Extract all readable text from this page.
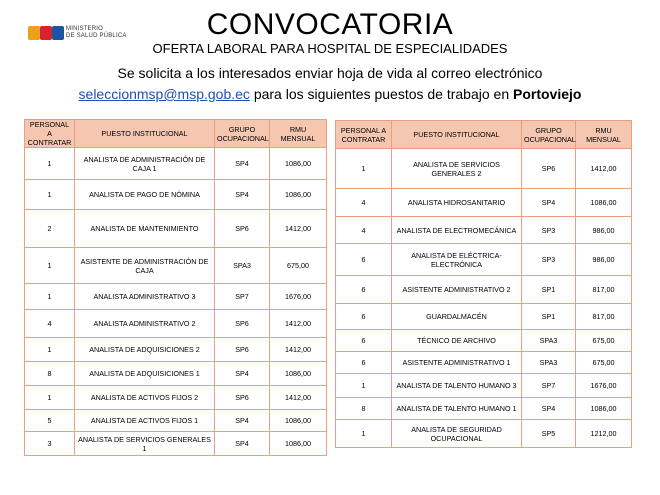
MINISTERIO
DE SALUD PÚBLICA	CONVOCATORIA
OFERTA LABORAL PARA HOSPITAL DE ESPECIALIDADES
Se solicita a los interesados enviar hoja de vida al correo electrónico
seleccionmsp@msp.gob.ec para los siguientes puestos de trabajo en Portoviejo
PERSONAL A CONTRATAR	PUESTO INSTITUCIONAL	GRUPO OCUPACIONAL	RMU MENSUAL
1	ANALISTA DE ADMINISTRACIÓN DE CAJA 1	SP4	1086,00
1	ANALISTA DE PAGO DE NÓMINA	SP4	1086,00
2	ANALISTA DE MANTENIMIENTO	SP6	1412,00
1	ASISTENTE DE ADMINISTRACIÓN DE CAJA	SPA3	675,00
1	ANALISTA ADMINISTRATIVO 3	SP7	1676,00
4	ANALISTA ADMINISTRATIVO 2	SP6	1412,00
1	ANALISTA DE ADQUISICIONES 2	SP6	1412,00
8	ANALISTA DE ADQUISICIONES 1	SP4	1086,00
1	ANALISTA DE ACTIVOS FIJOS 2	SP6	1412,00
5	ANALISTA DE ACTIVOS FIJOS 1	SP4	1086,00
3	ANALISTA DE SERVICIOS GENERALES 1	SP4	1086,00
PERSONAL A CONTRATAR	PUESTO INSTITUCIONAL	GRUPO OCUPACIONAL	RMU MENSUAL
1	ANALISTA DE SERVICIOS GENERALES 2	SP6	1412,00
4	ANALISTA HIDROSANITARIO	SP4	1086,00
4	ANALISTA DE ELECTROMECÁNICA	SP3	986,00
6	ANALISTA DE ELÉCTRICA-ELECTRÓNICA	SP3	986,00
6	ASISTENTE ADMINISTRATIVO 2	SP1	817,00
6	GUARDALMACÉN	SP1	817,00
6	TÉCNICO DE ARCHIVO	SPA3	675,00
6	ASISTENTE ADMINISTRATIVO 1	SPA3	675,00
1	ANALISTA DE TALENTO HUMANO 3	SP7	1676,00
8	ANALISTA DE TALENTO HUMANO 1	SP4	1086,00
1	ANALISTA DE SEGURIDAD OCUPACIONAL	SP5	1212,00
